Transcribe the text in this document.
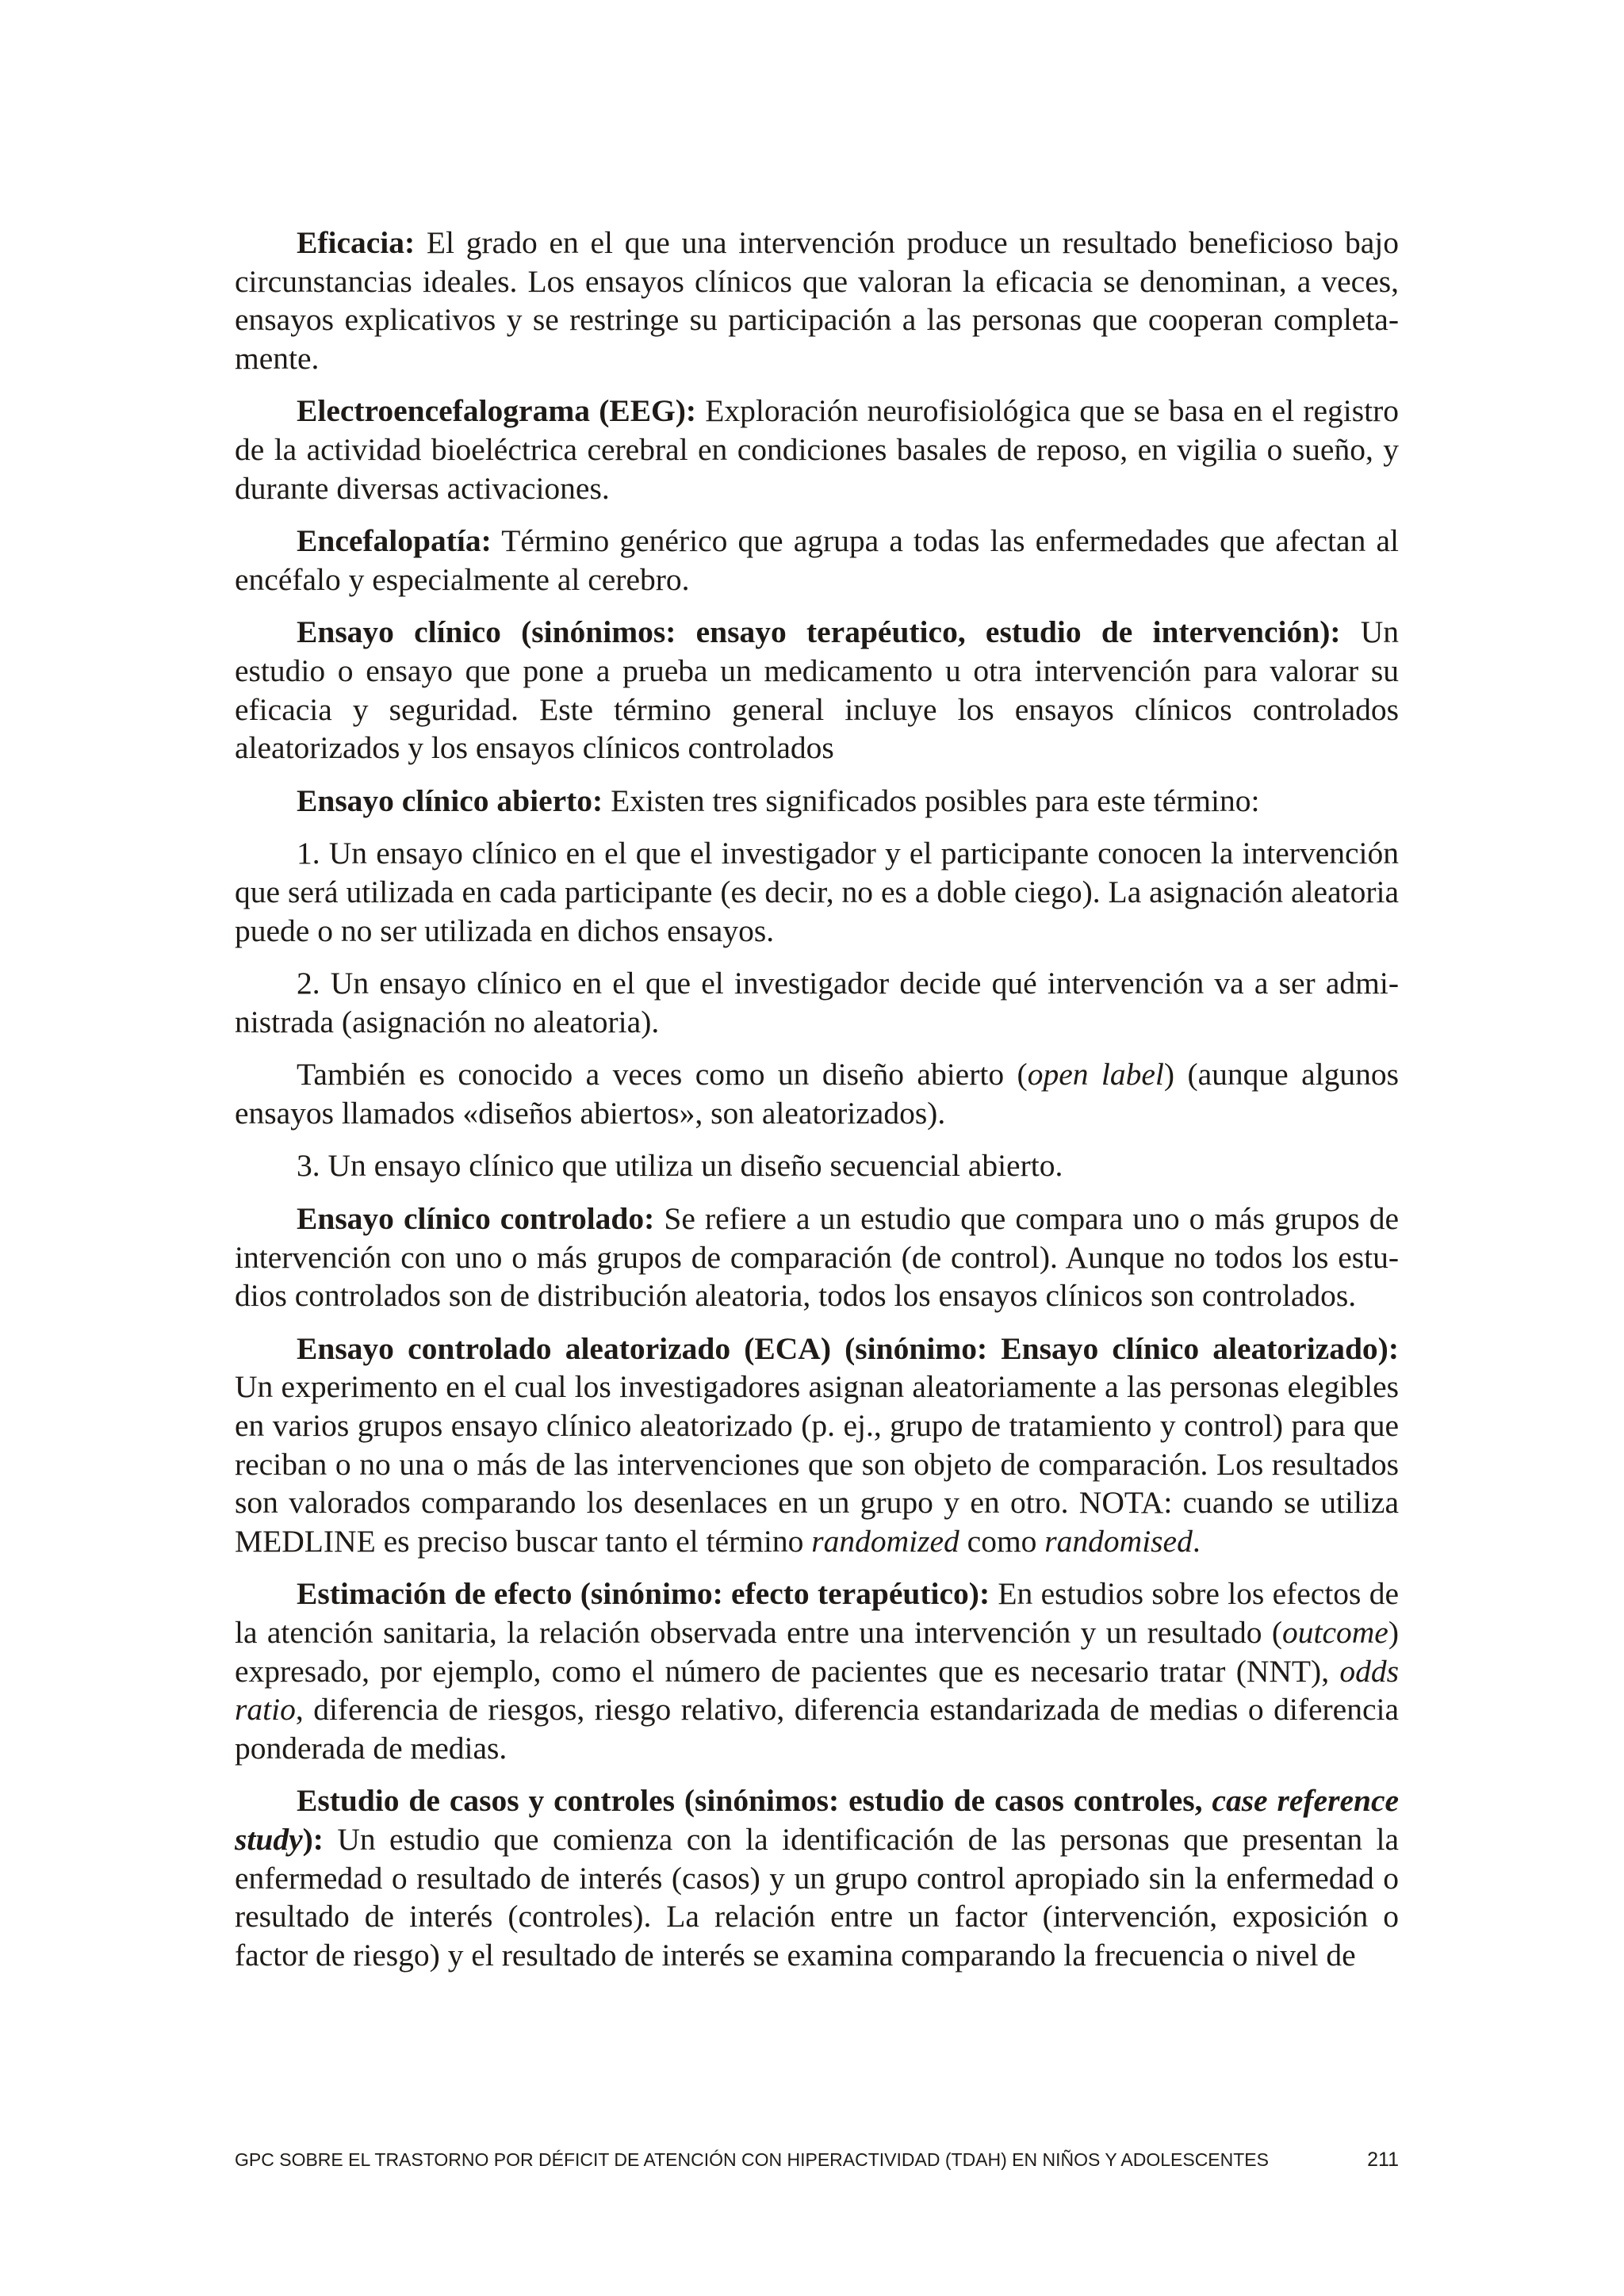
Eficacia: El grado en el que una intervención produce un resultado beneficioso bajo circunstancias ideales. Los ensayos clínicos que valoran la eficacia se denominan, a veces, ensayos explicativos y se restringe su participación a las personas que cooperan completamente.

Electroencefalograma (EEG): Exploración neurofisiológica que se basa en el registro de la actividad bioeléctrica cerebral en condiciones basales de reposo, en vigilia o sueño, y durante diversas activaciones.

Encefalopatía: Término genérico que agrupa a todas las enfermedades que afectan al encéfalo y especialmente al cerebro.

Ensayo clínico (sinónimos: ensayo terapéutico, estudio de intervención): Un estudio o ensayo que pone a prueba un medicamento u otra intervención para valorar su eficacia y seguridad. Este término general incluye los ensayos clínicos controlados aleatorizados y los ensayos clínicos controlados

Ensayo clínico abierto: Existen tres significados posibles para este término:

1. Un ensayo clínico en el que el investigador y el participante conocen la intervención que será utilizada en cada participante (es decir, no es a doble ciego). La asignación aleatoria puede o no ser utilizada en dichos ensayos.

2. Un ensayo clínico en el que el investigador decide qué intervención va a ser administrada (asignación no aleatoria).

También es conocido a veces como un diseño abierto (open label) (aunque algunos ensayos llamados «diseños abiertos», son aleatorizados).

3. Un ensayo clínico que utiliza un diseño secuencial abierto.

Ensayo clínico controlado: Se refiere a un estudio que compara uno o más grupos de intervención con uno o más grupos de comparación (de control). Aunque no todos los estudios controlados son de distribución aleatoria, todos los ensayos clínicos son controlados.

Ensayo controlado aleatorizado (ECA) (sinónimo: Ensayo clínico aleatorizado): Un experimento en el cual los investigadores asignan aleatoriamente a las personas elegibles en varios grupos ensayo clínico aleatorizado (p. ej., grupo de tratamiento y control) para que reciban o no una o más de las intervenciones que son objeto de comparación. Los resultados son valorados comparando los desenlaces en un grupo y en otro. NOTA: cuando se utiliza MEDLINE es preciso buscar tanto el término randomized como randomised.

Estimación de efecto (sinónimo: efecto terapéutico): En estudios sobre los efectos de la atención sanitaria, la relación observada entre una intervención y un resultado (outcome) expresado, por ejemplo, como el número de pacientes que es necesario tratar (NNT), odds ratio, diferencia de riesgos, riesgo relativo, diferencia estandarizada de medias o diferencia ponderada de medias.

Estudio de casos y controles (sinónimos: estudio de casos controles, case reference study): Un estudio que comienza con la identificación de las personas que presentan la enfermedad o resultado de interés (casos) y un grupo control apropiado sin la enfermedad o resultado de interés (controles). La relación entre un factor (intervención, exposición o factor de riesgo) y el resultado de interés se examina comparando la frecuencia o nivel de

GPC SOBRE EL TRASTORNO POR DÉFICIT DE ATENCIÓN CON HIPERACTIVIDAD (TDAH) EN NIÑOS Y ADOLESCENTES	211
